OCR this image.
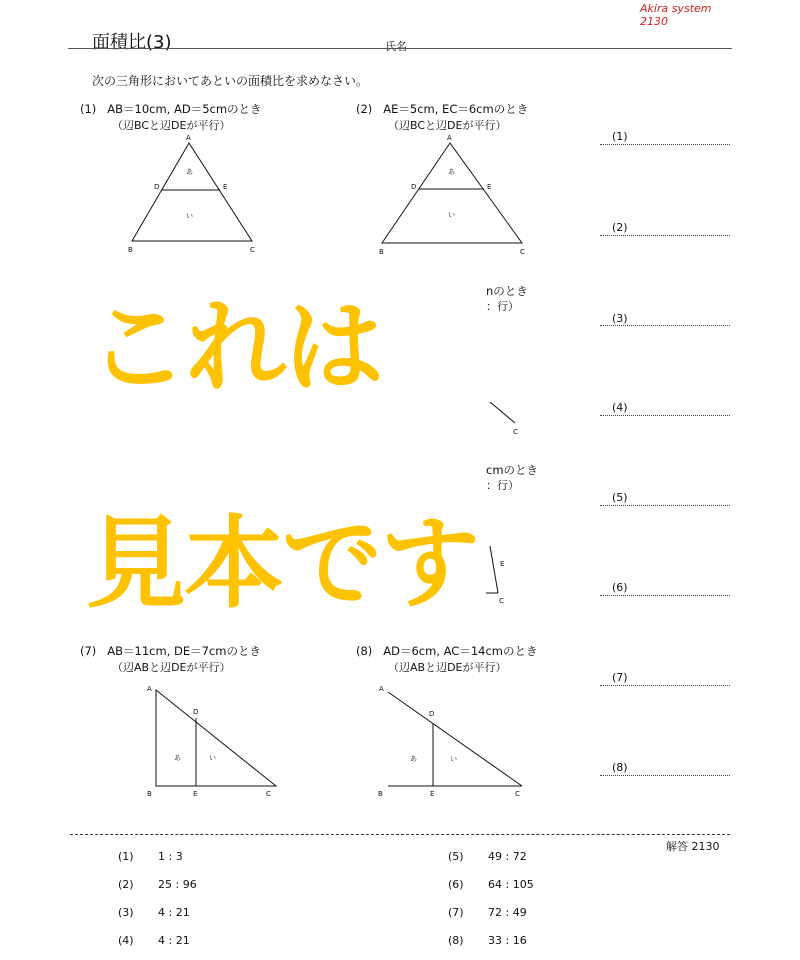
Akira system 2130
面積比(3)	氏名
次の三角形においてあといの面積比を求めなさい。
(1) AB＝10cm, AD＝5cmのとき
（辺BCと辺DEが平行）
A
D	E
B	C
あ
い
(2) AE＝5cm, EC＝6cmのとき
（辺BCと辺DEが平行）
A
D	E
B	C
あ
い
nのとき
：行）
C
cmのとき
：行）
E
C
(7) AB＝11cm, DE＝7cmのとき
（辺ABと辺DEが平行）
A
D
B	E	C
あ	い
(8) AD＝6cm, AC＝14cmのとき
（辺ABと辺DEが平行）
A
D
B	E	C
あ	い
(1)
(2)
(3)
(4)
(5)
(6)
(7)
(8)
これは
見本です
解答 2130
(1) 1 : 3
(2) 25 : 96
(3) 4 : 21
(4) 4 : 21
(5) 49 : 72
(6) 64 : 105
(7) 72 : 49
(8) 33 : 16
